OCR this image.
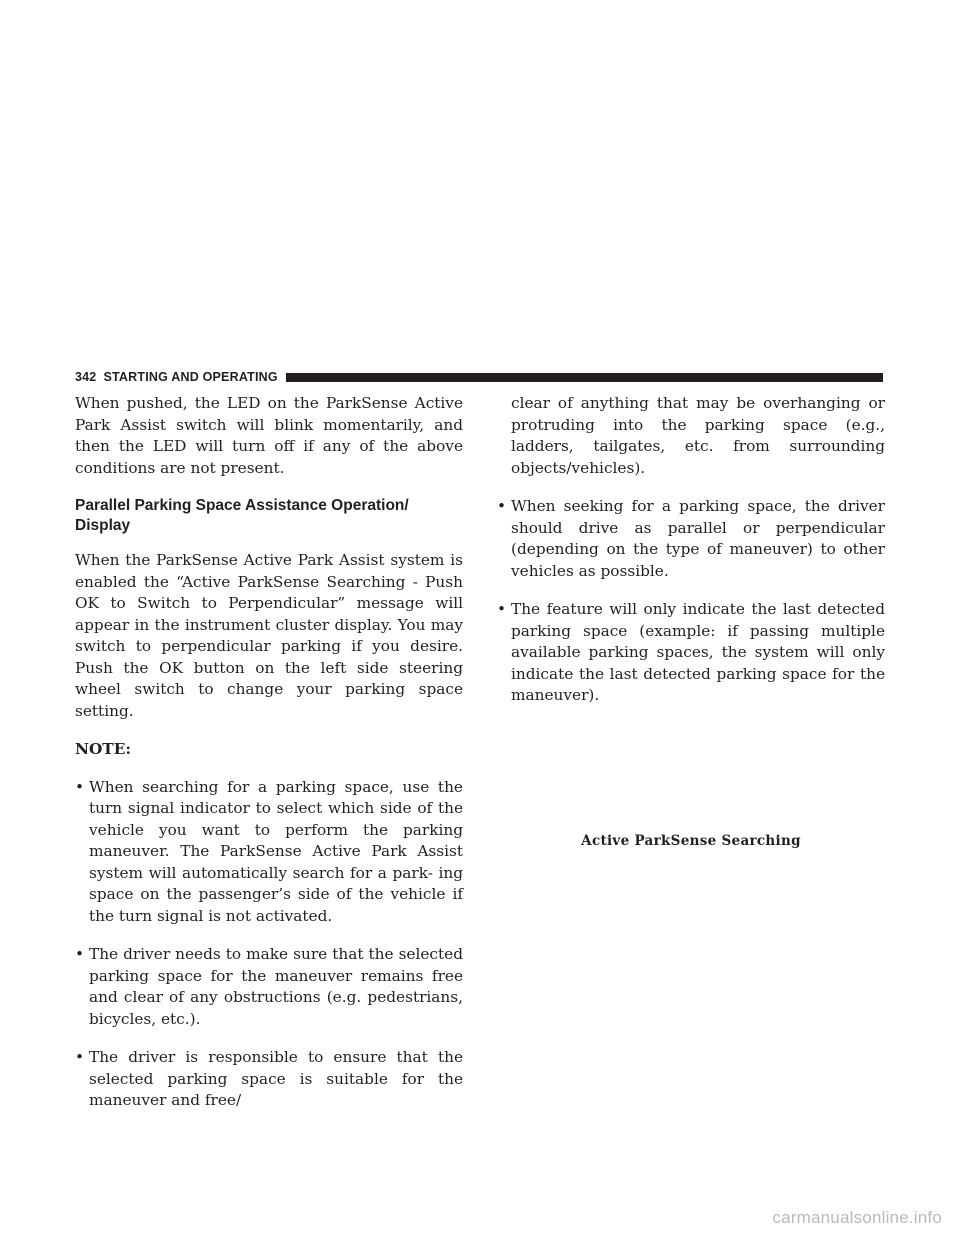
342 STARTING AND OPERATING

When pushed, the LED on the ParkSense Active Park Assist switch will blink momentarily, and then the LED will turn off if any of the above conditions are not present.

Parallel Parking Space Assistance Operation/ Display

When the ParkSense Active Park Assist system is enabled the “Active ParkSense Searching - Push OK to Switch to Perpendicular” message will appear in the instrument cluster display. You may switch to perpendicular parking if you desire. Push the OK button on the left side steering wheel switch to change your parking space setting.

NOTE:

• When searching for a parking space, use the turn signal indicator to select which side of the vehicle you want to perform the parking maneuver. The ParkSense Active Park Assist system will automatically search for a park- ing space on the passenger’s side of the vehicle if the turn signal is not activated.
• The driver needs to make sure that the selected parking space for the maneuver remains free and clear of any obstructions (e.g. pedestrians, bicycles, etc.).
• The driver is responsible to ensure that the selected parking space is suitable for the maneuver and free/

clear of anything that may be overhanging or protruding into the parking space (e.g., ladders, tailgates, etc. from surrounding objects/vehicles).

• When seeking for a parking space, the driver should drive as parallel or perpendicular (depending on the type of maneuver) to other vehicles as possible.
• The feature will only indicate the last detected parking space (example: if passing multiple available parking spaces, the system will only indicate the last detected parking space for the maneuver).
Active ParkSense Searching
carmanualsonline.info
